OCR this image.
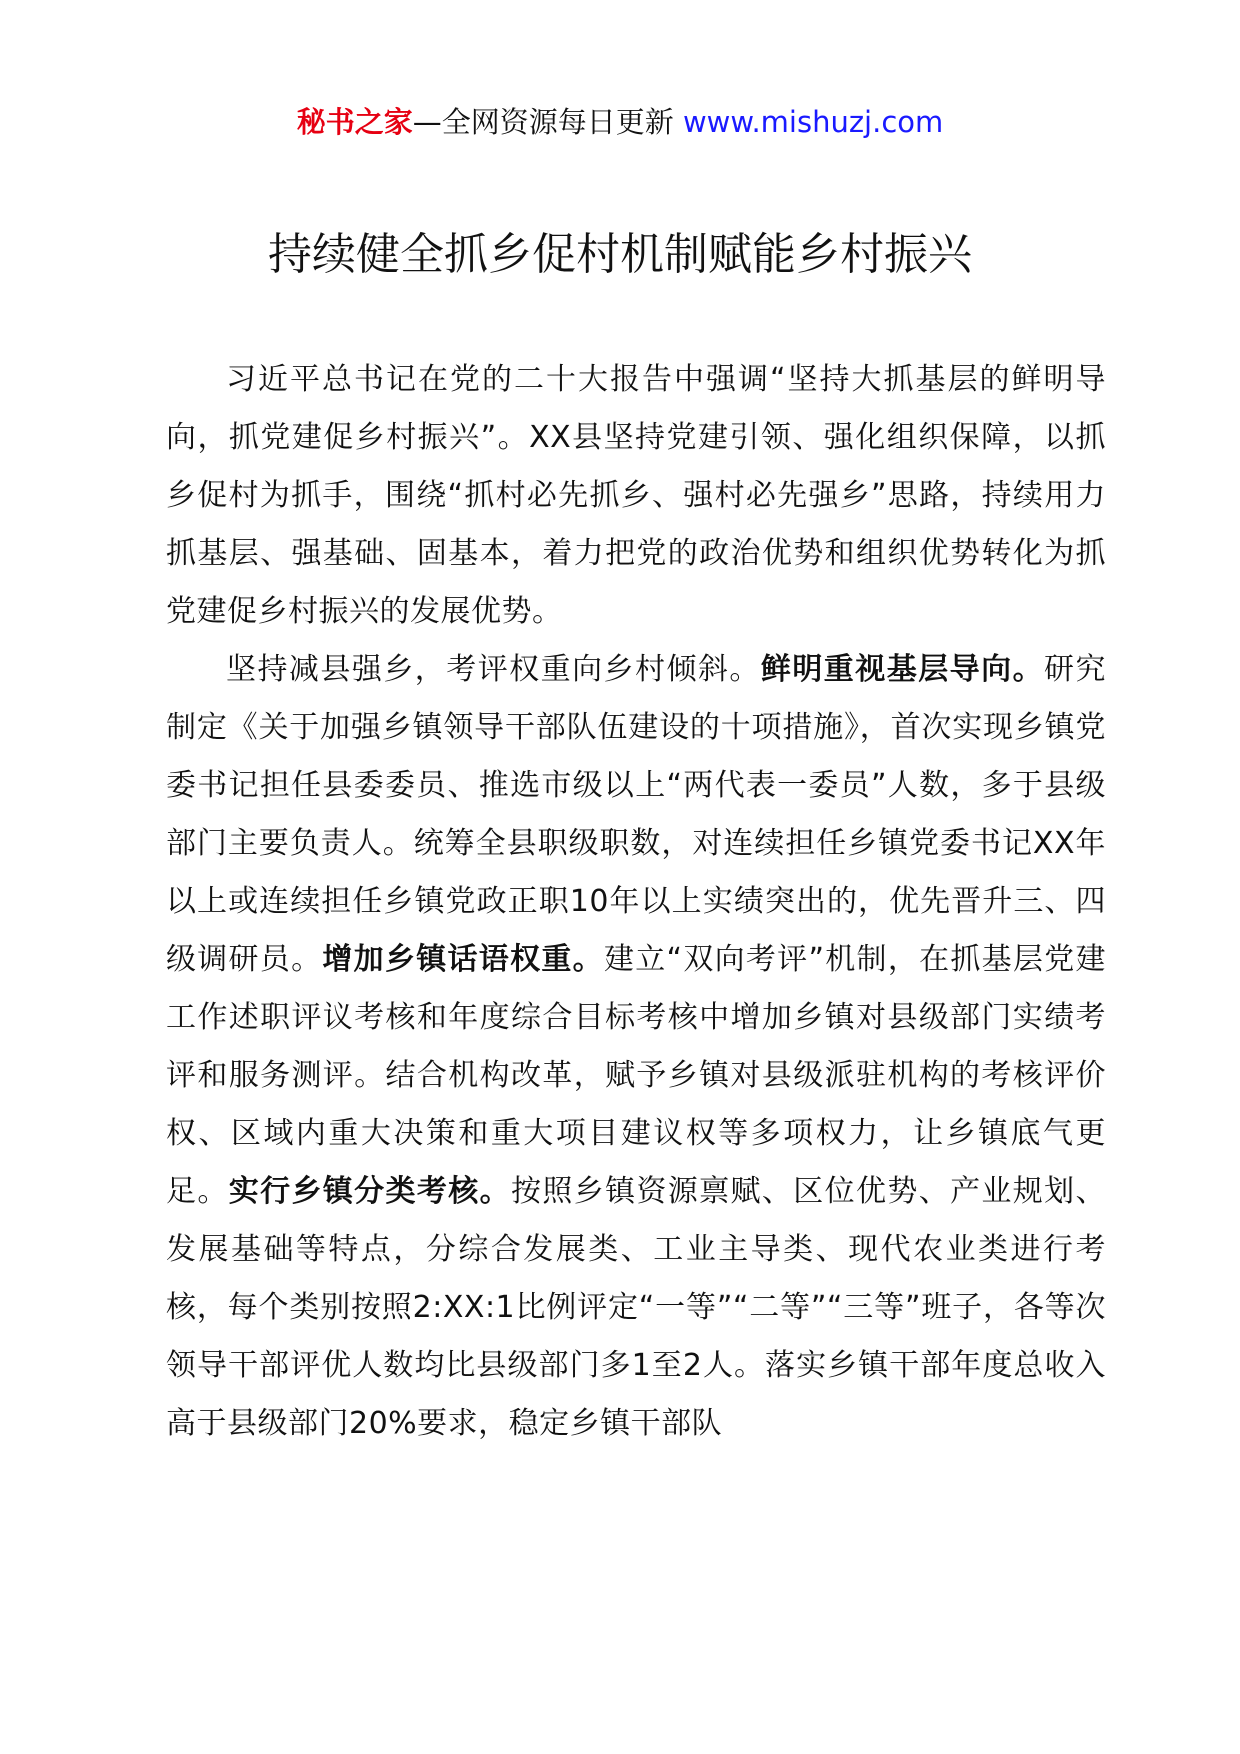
秘书之家—全网资源每日更新 www.mishuzj.com
持续健全抓乡促村机制赋能乡村振兴

习近平总书记在党的二十大报告中强调“坚持大抓基层的鲜明导向，抓党建促乡村振兴”。XX县坚持党建引领、强化组织保障，以抓乡促村为抓手，围绕“抓村必先抓乡、强村必先强乡”思路，持续用力抓基层、强基础、固基本，着力把党的政治优势和组织优势转化为抓党建促乡村振兴的发展优势。

坚持减县强乡，考评权重向乡村倾斜。鲜明重视基层导向。研究制定《关于加强乡镇领导干部队伍建设的十项措施》，首次实现乡镇党委书记担任县委委员、推选市级以上“两代表一委员”人数，多于县级部门主要负责人。统筹全县职级职数，对连续担任乡镇党委书记XX年以上或连续担任乡镇党政正职10年以上实绩突出的，优先晋升三、四级调研员。增加乡镇话语权重。建立“双向考评”机制，在抓基层党建工作述职评议考核和年度综合目标考核中增加乡镇对县级部门实绩考评和服务测评。结合机构改革，赋予乡镇对县级派驻机构的考核评价权、区域内重大决策和重大项目建议权等多项权力，让乡镇底气更足。实行乡镇分类考核。按照乡镇资源禀赋、区位优势、产业规划、发展基础等特点，分综合发展类、工业主导类、现代农业类进行考核，每个类别按照2:XX:1比例评定“一等”“二等”“三等”班子，各等次领导干部评优人数均比县级部门多1至2人。落实乡镇干部年度总收入高于县级部门20%要求，稳定乡镇干部队
